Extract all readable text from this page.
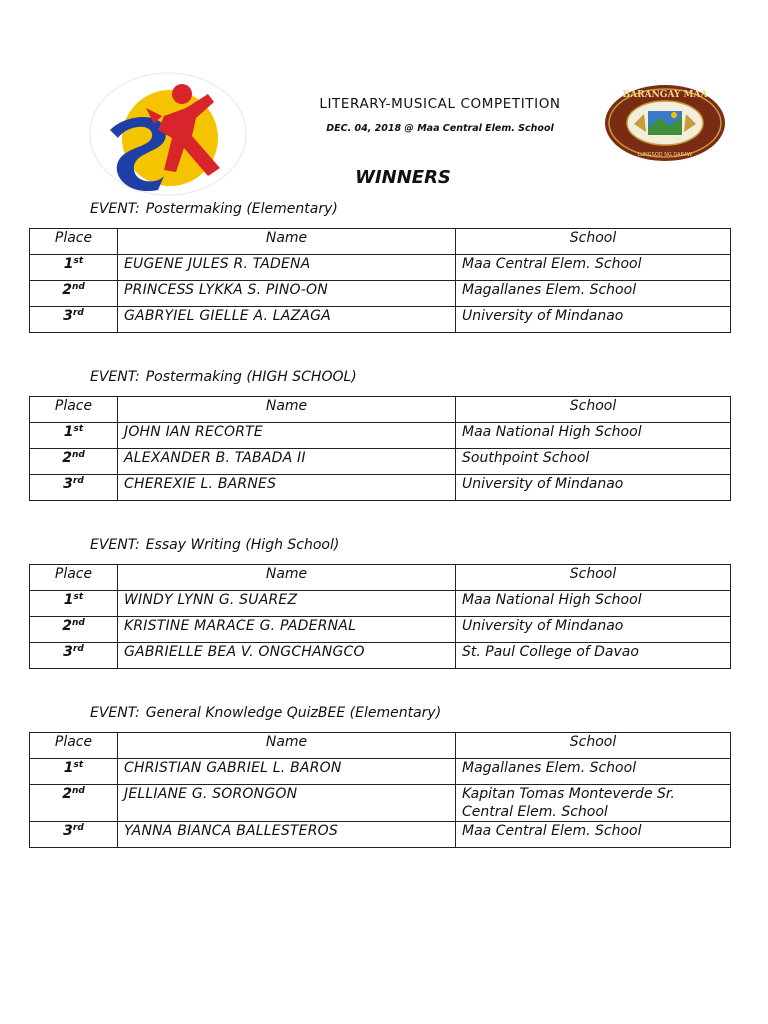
BARANGAY MAA
LUNGSOD NG DABAW
LITERARY-MUSICAL COMPETITION
DEC. 04, 2018 @ Maa Central Elem. School
WINNERS
EVENT: Postermaking (Elementary)
Place	Name	School
1st	EUGENE JULES R. TADENA	Maa Central Elem. School
2nd	PRINCESS LYKKA S. PINO-ON	Magallanes Elem. School
3rd	GABRYIEL GIELLE A. LAZAGA	University of Mindanao
EVENT: Postermaking (HIGH SCHOOL)
Place	Name	School
1st	JOHN IAN RECORTE	Maa National High School
2nd	ALEXANDER B. TABADA II	Southpoint School
3rd	CHEREXIE L. BARNES	University of Mindanao
EVENT: Essay Writing (High School)
Place	Name	School
1st	WINDY LYNN G. SUAREZ	Maa National High School
2nd	KRISTINE MARACE G. PADERNAL	University of Mindanao
3rd	GABRIELLE BEA V. ONGCHANGCO	St. Paul College of Davao
EVENT: General Knowledge QuizBEE (Elementary)
Place	Name	School
1st	CHRISTIAN GABRIEL L. BARON	Magallanes Elem. School
2nd	JELLIANE G. SORONGON	Kapitan Tomas Monteverde Sr. Central Elem. School
3rd	YANNA BIANCA BALLESTEROS	Maa Central Elem. School
